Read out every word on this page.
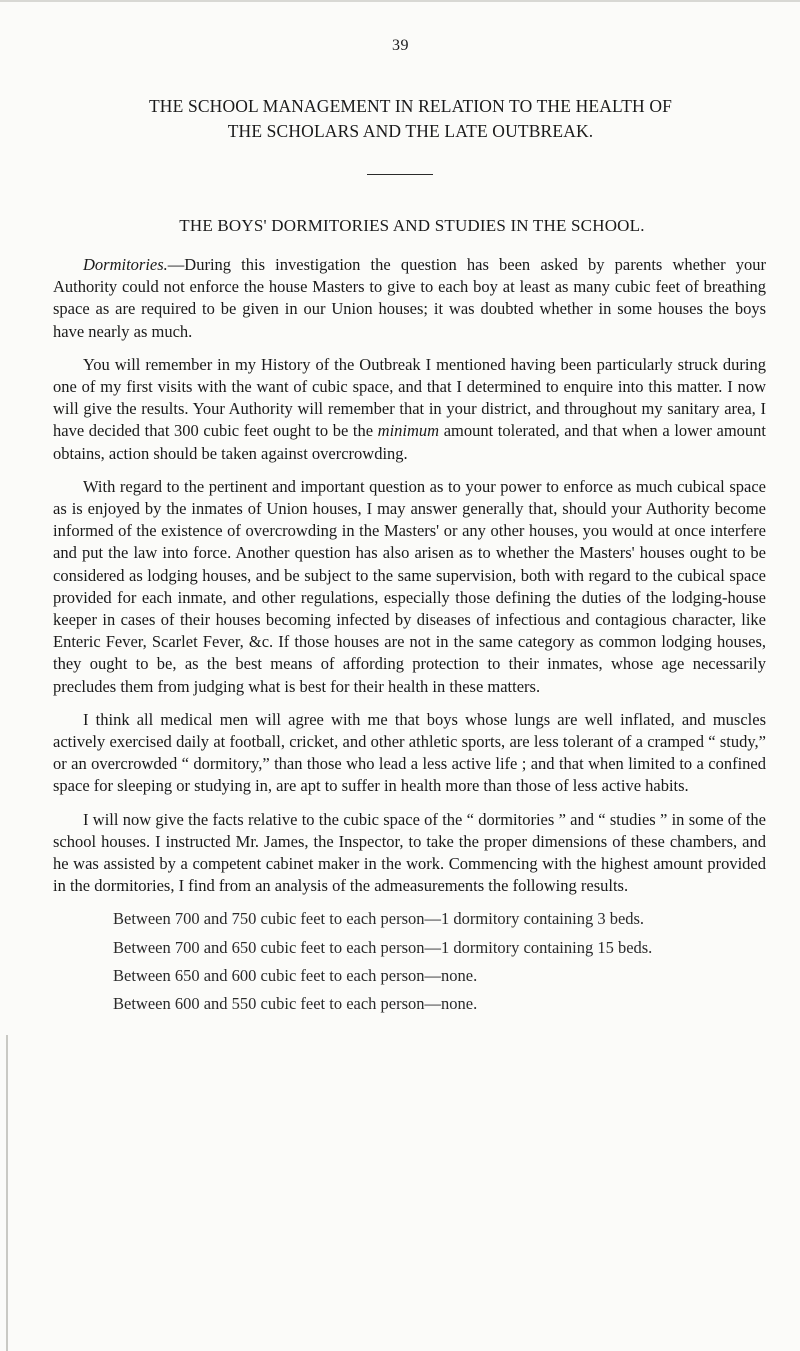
39
THE SCHOOL MANAGEMENT IN RELATION TO THE HEALTH OF
THE SCHOLARS AND THE LATE OUTBREAK.
THE BOYS' DORMITORIES AND STUDIES IN THE SCHOOL.

Dormitories.—During this investigation the question has been asked by parents whether your Authority could not enforce the house Masters to give to each boy at least as many cubic feet of breathing space as are required to be given in our Union houses; it was doubted whether in some houses the boys have nearly as much.

You will remember in my History of the Outbreak I mentioned having been particularly struck during one of my first visits with the want of cubic space, and that I determined to enquire into this matter. I now will give the results. Your Authority will remember that in your district, and throughout my sanitary area, I have decided that 300 cubic feet ought to be the minimum amount tolerated, and that when a lower amount obtains, action should be taken against overcrowding.

With regard to the pertinent and important question as to your power to enforce as much cubical space as is enjoyed by the inmates of Union houses, I may answer generally that, should your Authority become informed of the existence of overcrowding in the Masters' or any other houses, you would at once interfere and put the law into force. Another question has also arisen as to whether the Masters' houses ought to be considered as lodging houses, and be subject to the same supervision, both with regard to the cubical space provided for each inmate, and other regulations, especially those defining the duties of the lodging-house keeper in cases of their houses becoming infected by diseases of infectious and contagious character, like Enteric Fever, Scarlet Fever, &c. If those houses are not in the same category as common lodging houses, they ought to be, as the best means of affording protection to their inmates, whose age necessarily precludes them from judging what is best for their health in these matters.

I think all medical men will agree with me that boys whose lungs are well inflated, and muscles actively exercised daily at football, cricket, and other athletic sports, are less tolerant of a cramped “ study,” or an overcrowded “ dormitory,” than those who lead a less active life ; and that when limited to a confined space for sleeping or studying in, are apt to suffer in health more than those of less active habits.

I will now give the facts relative to the cubic space of the “ dormitories ” and “ studies ” in some of the school houses. I instructed Mr. James, the Inspector, to take the proper dimensions of these chambers, and he was assisted by a competent cabinet maker in the work. Commencing with the highest amount provided in the dormitories, I find from an analysis of the admeasurements the following results.

Between 700 and 750 cubic feet to each person—1 dormitory containing 3 beds.
Between 700 and 650 cubic feet to each person—1 dormitory containing 15 beds.
Between 650 and 600 cubic feet to each person—none.
Between 600 and 550 cubic feet to each person—none.
